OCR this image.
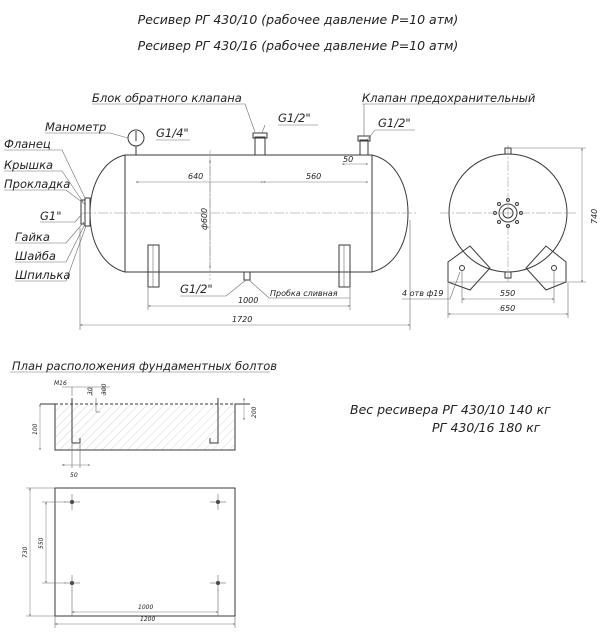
Ресивер РГ 430/10 (рабочее давление Р=10 атм)
Ресивер РГ 430/16 (рабочее давление Р=10 атм)
Блок обратного клапана	Клапан предохранительный
Манометр	G1/4"
G1/2"	G1/2"
Фланец
Крышка
Прокладка
G1"
Гайка
Шайба
Шпилька
G1/2"	Пробка сливная
50
640	560
ф600
1000
1720
4 отв ф19	550
650
740
План расположения фундаментных болтов
М16
30 300
100
200
50
730
550
1000
1200
Вес ресивера РГ 430/10 140 кг
РГ 430/16 180 кг
